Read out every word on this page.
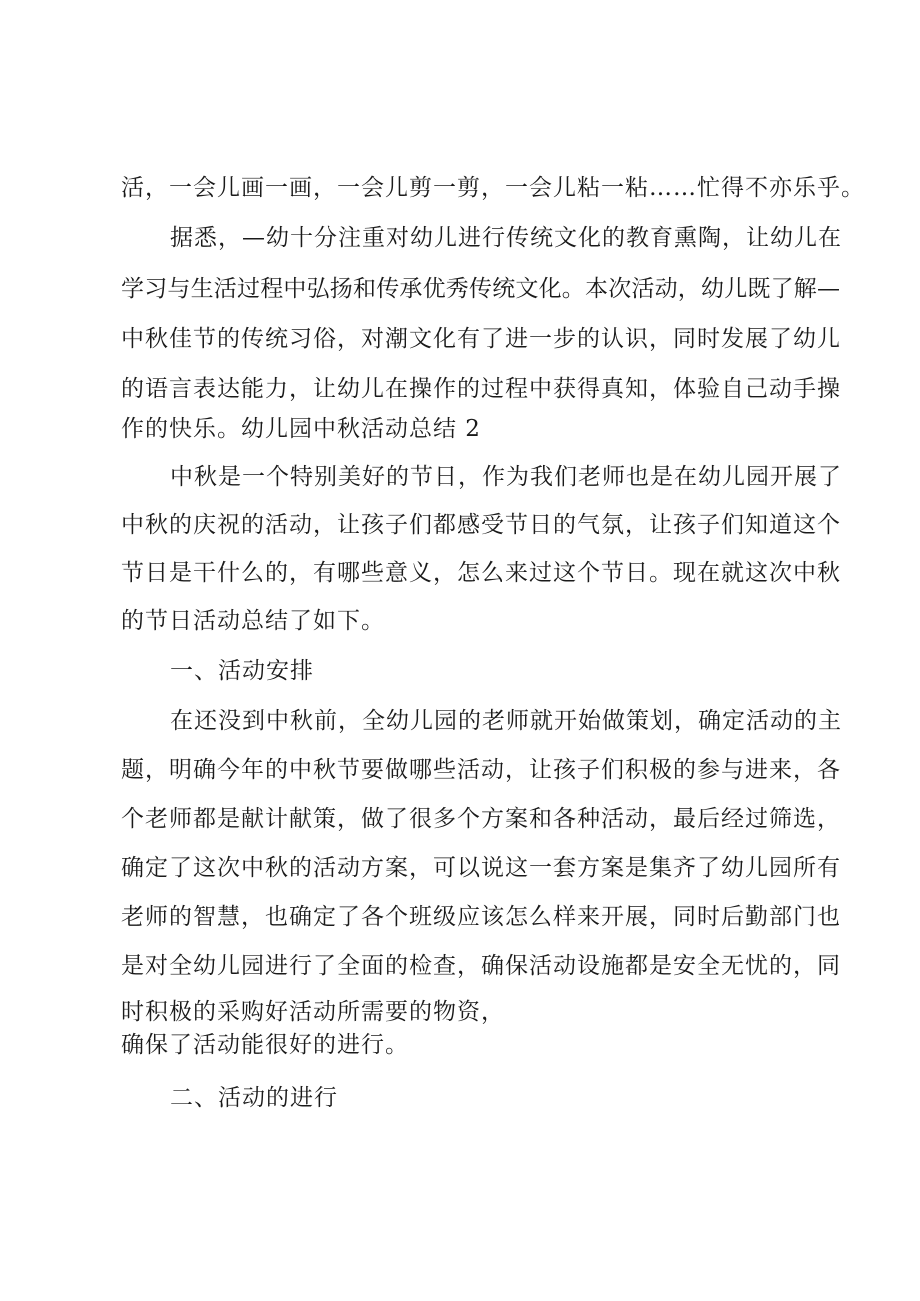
活，一会儿画一画，一会儿剪一剪，一会儿粘一粘……忙得不亦乐乎。
据悉，—幼十分注重对幼儿进行传统文化的教育熏陶，让幼儿在
学习与生活过程中弘扬和传承优秀传统文化。本次活动，幼儿既了解—
中秋佳节的传统习俗，对潮文化有了进一步的认识，同时发展了幼儿
的语言表达能力，让幼儿在操作的过程中获得真知，体验自己动手操
作的快乐。幼儿园中秋活动总结 2
中秋是一个特别美好的节日，作为我们老师也是在幼儿园开展了
中秋的庆祝的活动，让孩子们都感受节日的气氛，让孩子们知道这个
节日是干什么的，有哪些意义，怎么来过这个节日。现在就这次中秋
的节日活动总结了如下。
一、活动安排
在还没到中秋前，全幼儿园的老师就开始做策划，确定活动的主
题，明确今年的中秋节要做哪些活动，让孩子们积极的参与进来，各
个老师都是献计献策，做了很多个方案和各种活动，最后经过筛选，
确定了这次中秋的活动方案，可以说这一套方案是集齐了幼儿园所有
老师的智慧，也确定了各个班级应该怎么样来开展，同时后勤部门也
是对全幼儿园进行了全面的检查，确保活动设施都是安全无忧的，同
时积极的采购好活动所需要的物资，
确保了活动能很好的进行。
二、活动的进行
